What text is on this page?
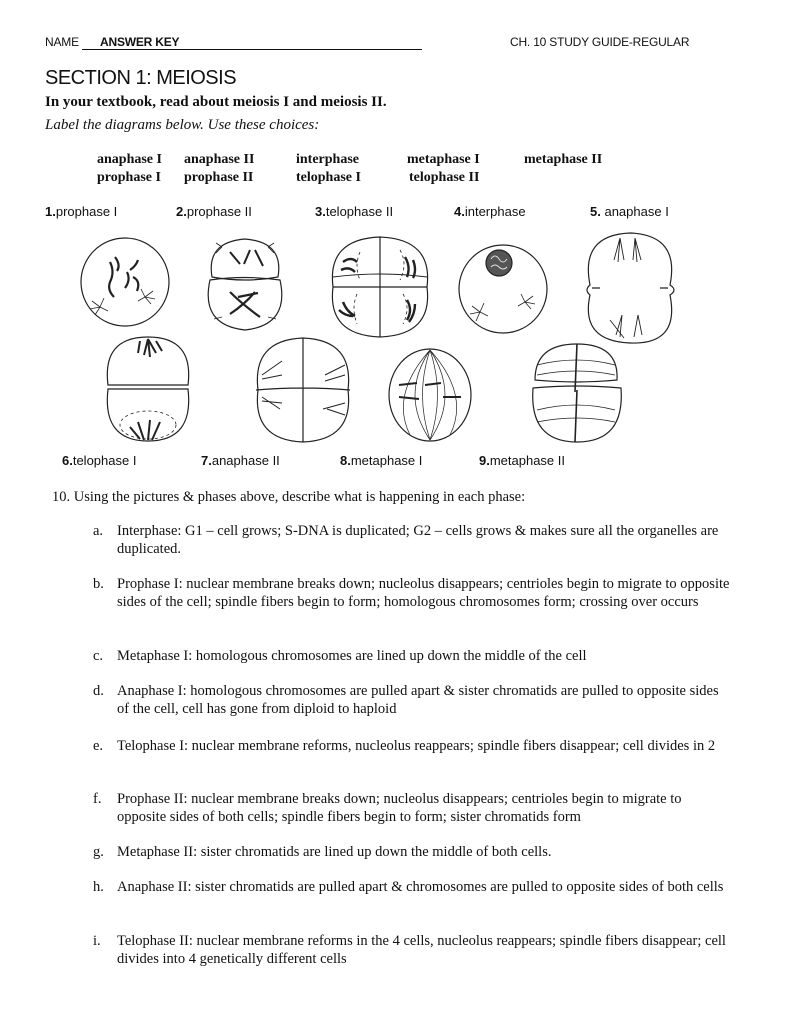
NAME ANSWER KEY	CH. 10 STUDY GUIDE-REGULAR
SECTION 1: MEIOSIS
In your textbook, read about meiosis I and meiosis II.
Label the diagrams below. Use these choices:
anaphase I anaphase II	interphase	metaphase I	metaphase II
prophase I prophase II	telophase I	telophase II
1.prophase I	2.prophase II	3.telophase II	4.interphase	5. anaphase I
6.telophase I	7.anaphase II	8.metaphase I	9.metaphase II
10. Using the pictures & phases above, describe what is happening in each phase:
a. Interphase: G1 – cell grows; S-DNA is duplicated; G2 – cells grows & makes sure all the organelles are duplicated.
b. Prophase I: nuclear membrane breaks down; nucleolus disappears; centrioles begin to migrate to opposite sides of the cell; spindle fibers begin to form; homologous chromosomes form; crossing over occurs
c. Metaphase I: homologous chromosomes are lined up down the middle of the cell
d. Anaphase I: homologous chromosomes are pulled apart & sister chromatids are pulled to opposite sides of the cell, cell has gone from diploid to haploid
e. Telophase I: nuclear membrane reforms, nucleolus reappears; spindle fibers disappear; cell divides in 2
f. Prophase II: nuclear membrane breaks down; nucleolus disappears; centrioles begin to migrate to opposite sides of both cells; spindle fibers begin to form; sister chromatids form
g. Metaphase II: sister chromatids are lined up down the middle of both cells.
h. Anaphase II: sister chromatids are pulled apart & chromosomes are pulled to opposite sides of both cells
i. Telophase II: nuclear membrane reforms in the 4 cells, nucleolus reappears; spindle fibers disappear; cell divides into 4 genetically different cells
